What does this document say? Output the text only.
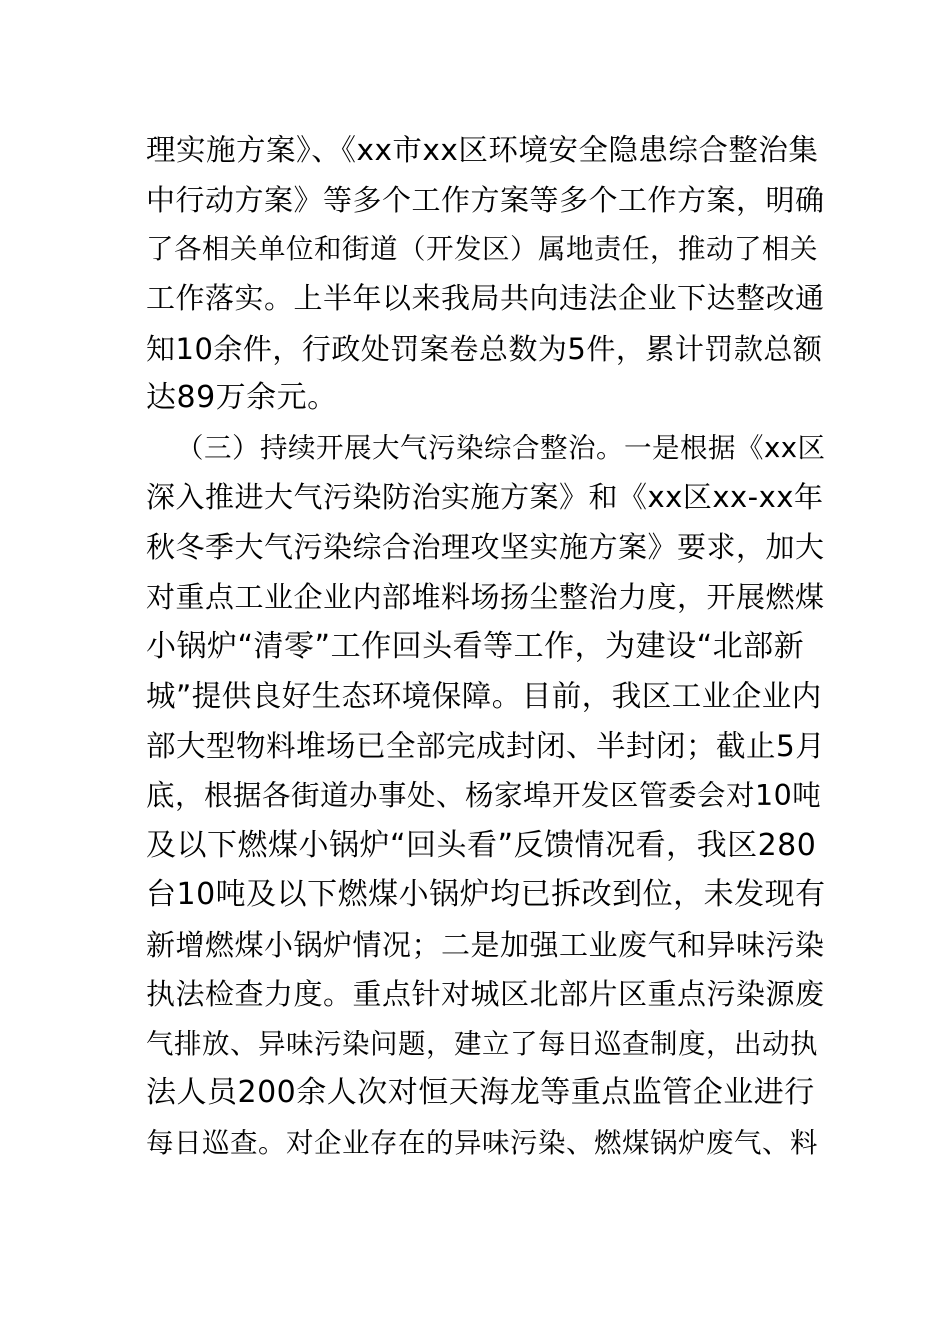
理实施方案》、《xx市xx区环境安全隐患综合整治集
中行动方案》等多个工作方案等多个工作方案，明确
了各相关单位和街道（开发区）属地责任，推动了相关
工作落实。上半年以来我局共向违法企业下达整改通
知10余件，行政处罚案卷总数为5件，累计罚款总额
达89万余元。
（三）持续开展大气污染综合整治。一是根据《xx区
深入推进大气污染防治实施方案》和《xx区xx-xx年
秋冬季大气污染综合治理攻坚实施方案》要求，加大
对重点工业企业内部堆料场扬尘整治力度，开展燃煤
小锅炉“清零”工作回头看等工作，为建设“北部新
城”提供良好生态环境保障。目前，我区工业企业内
部大型物料堆场已全部完成封闭、半封闭；截止5月
底，根据各街道办事处、杨家埠开发区管委会对10吨
及以下燃煤小锅炉“回头看”反馈情况看，我区280
台10吨及以下燃煤小锅炉均已拆改到位，未发现有
新增燃煤小锅炉情况；二是加强工业废气和异味污染
执法检查力度。重点针对城区北部片区重点污染源废
气排放、异味污染问题，建立了每日巡查制度，出动执
法人员200余人次对恒天海龙等重点监管企业进行
每日巡查。对企业存在的异味污染、燃煤锅炉废气、料
